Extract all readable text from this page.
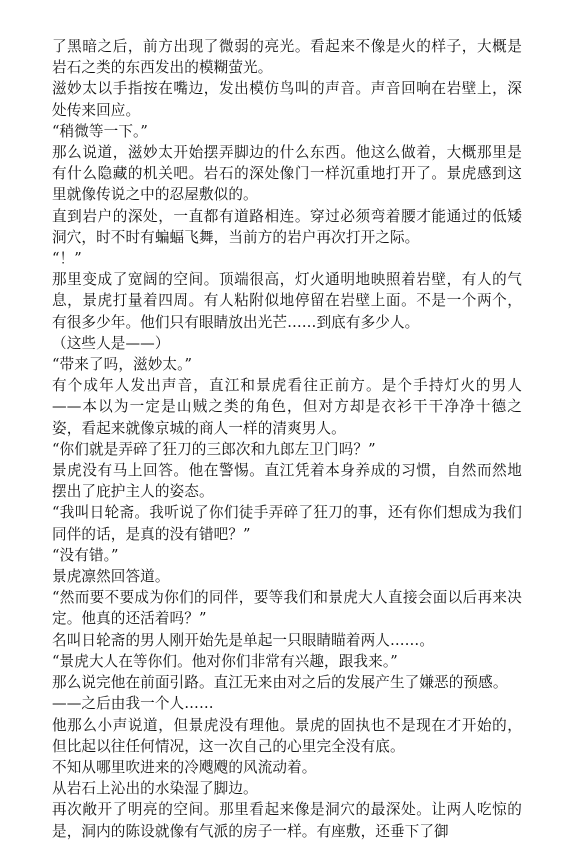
了黑暗之后，前方出现了微弱的亮光。看起来不像是火的样子，大概是岩石之类的东西发出的模糊萤光。

滋妙太以手指按在嘴边，发出模仿鸟叫的声音。声音回响在岩壁上，深处传来回应。

“稍微等一下。”

那么说道，滋妙太开始摆弄脚边的什么东西。他这么做着，大概那里是有什么隐藏的机关吧。岩石的深处像门一样沉重地打开了。景虎感到这里就像传说之中的忍屋敷似的。

直到岩户的深处，一直都有道路相连。穿过必须弯着腰才能通过的低矮洞穴，时不时有蝙蝠飞舞，当前方的岩户再次打开之际。

“！”

那里变成了宽阔的空间。顶端很高，灯火通明地映照着岩壁，有人的气息，景虎打量着四周。有人粘附似地停留在岩壁上面。不是一个两个，有很多少年。他们只有眼睛放出光芒……到底有多少人。

（这些人是——）

“带来了吗，滋妙太。”

有个成年人发出声音，直江和景虎看往正前方。是个手持灯火的男人——本以为一定是山贼之类的角色，但对方却是衣衫干干净净十德之姿，看起来就像京城的商人一样的清爽男人。

“你们就是弄碎了狂刀的三郎次和九郎左卫门吗？”

景虎没有马上回答。他在警惕。直江凭着本身养成的习惯，自然而然地摆出了庇护主人的姿态。

“我叫日轮斋。我听说了你们徒手弄碎了狂刀的事，还有你们想成为我们同伴的话，是真的没有错吧？”

“没有错。”

景虎凛然回答道。

“然而要不要成为你们的同伴，要等我们和景虎大人直接会面以后再来决定。他真的还活着吗？”

名叫日轮斋的男人刚开始先是单起一只眼睛瞄着两人……。

“景虎大人在等你们。他对你们非常有兴趣，跟我来。”

那么说完他在前面引路。直江无来由对之后的发展产生了嫌恶的预感。

——之后由我一个人……

他那么小声说道，但景虎没有理他。景虎的固执也不是现在才开始的，但比起以往任何情况，这一次自己的心里完全没有底。

不知从哪里吹进来的冷飕飕的风流动着。

从岩石上沁出的水染湿了脚边。

再次敞开了明亮的空间。那里看起来像是洞穴的最深处。让两人吃惊的是，洞内的陈设就像有气派的房子一样。有座敷，还垂下了御
